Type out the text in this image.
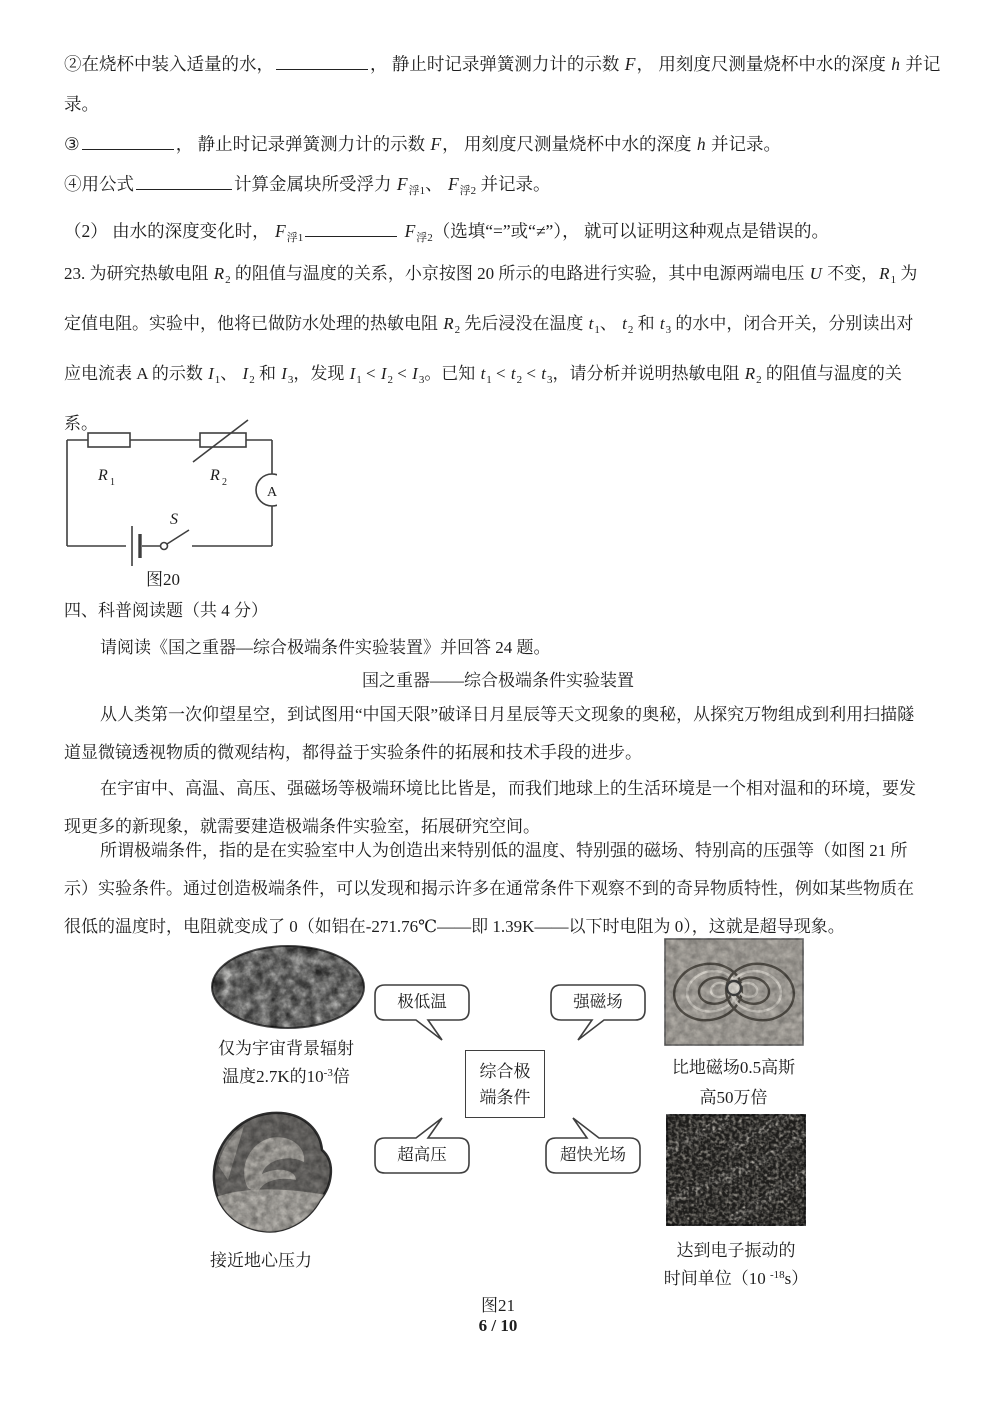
②在烧杯中装入适量的水，	， 静止时记录弹簧测力计的示数 F， 用刻度尺测量烧杯中水的深度 h 并记
录。
③	， 静止时记录弹簧测力计的示数 F， 用刻度尺测量烧杯中水的深度 h 并记录。
④用公式	计算金属块所受浮力 $F_{浮1}$、 $F_{浮2}$ 并记录。
（2） 由水的深度变化时， $F_{浮1}$	$F_{浮2}$（选填“=”或“≠”）， 就可以证明这种观点是错误的。
23. 为研究热敏电阻 $R_2$ 的阻值与温度的关系，小京按图 20 所示的电路进行实验，其中电源两端电压 U 不变，$R_1$ 为
定值电阻。实验中，他将已做防水处理的热敏电阻 $R_2$ 先后浸没在温度 $t_1$、 $t_2$ 和 $t_3$ 的水中，闭合开关，分别读出对
应电流表 A 的示数 $I_1$、 $I_2$ 和 $I_3$，发现 $I_1 < I_2 < I_3$。已知 $t_1 < t_2 < t_3$，请分析并说明热敏电阻 $R_2$ 的阻值与温度的关
系。
R 1	R 2
S
A
图20
四、科普阅读题（共 4 分）
请阅读《国之重器—综合极端条件实验装置》并回答 24 题。
国之重器——综合极端条件实验装置
从人类第一次仰望星空，到试图用“中国天限”破译日月星辰等天文现象的奥秘，从探究万物组成到利用扫描隧
道显微镜透视物质的微观结构，都得益于实验条件的拓展和技术手段的进步。
在宇宙中、高温、高压、强磁场等极端环境比比皆是，而我们地球上的生活环境是一个相对温和的环境，要发
现更多的新现象，就需要建造极端条件实验室，拓展研究空间。
所谓极端条件，指的是在实验室中人为创造出来特别低的温度、特别强的磁场、特别高的压强等（如图 21 所
示）实验条件。通过创造极端条件，可以发现和揭示许多在通常条件下观察不到的奇异物质特性，例如某些物质在
很低的温度时，电阻就变成了 0（如铝在-271.76℃——即 1.39K——以下时电阻为 0），这就是超导现象。
仅为宇宙背景辐射
温度2.7K的$10^{-3}$倍	比地磁场0.5高斯
高50万倍
极低温	强磁场
综合极
端条件
超高压	超快光场
接近地心压力
达到电子振动的
时间单位（10 $^{-18}$s）
图21
6 / 10
